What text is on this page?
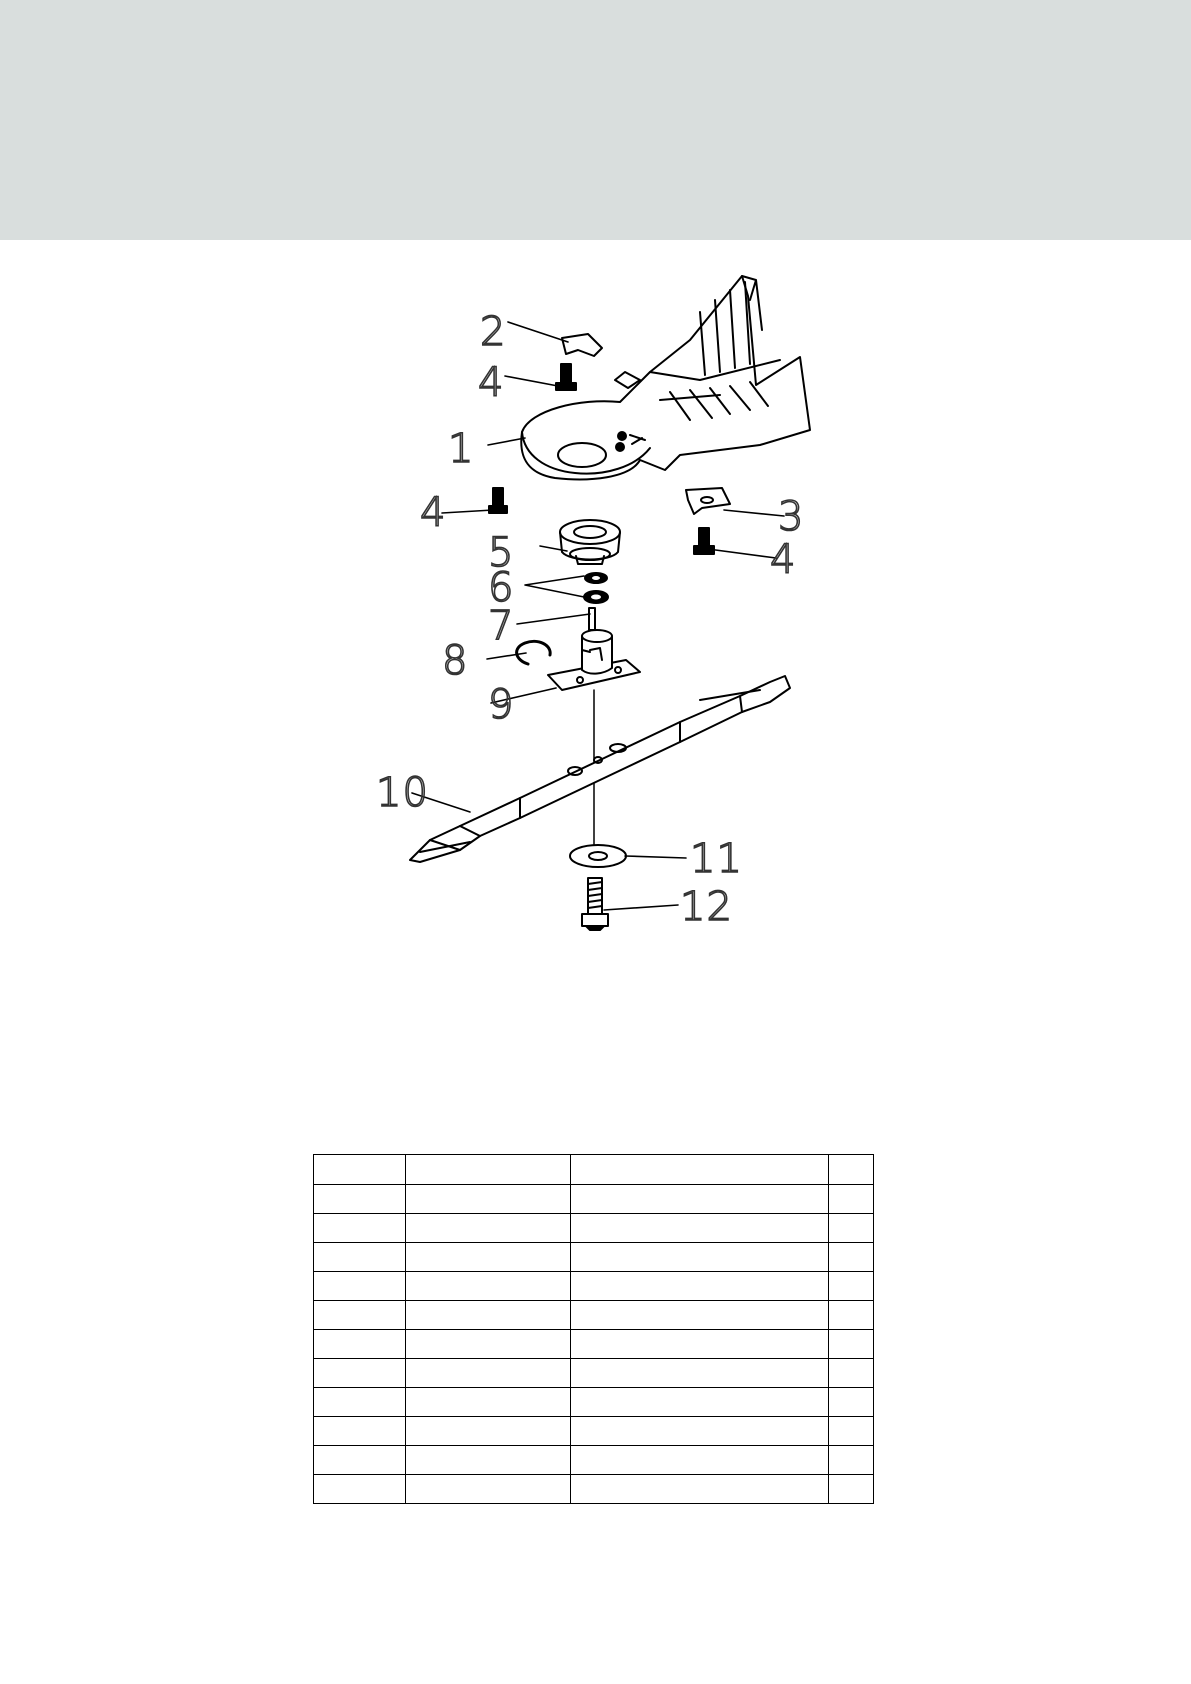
2
4
1
4	3
5	4
6
7
8
9
10
11
12
